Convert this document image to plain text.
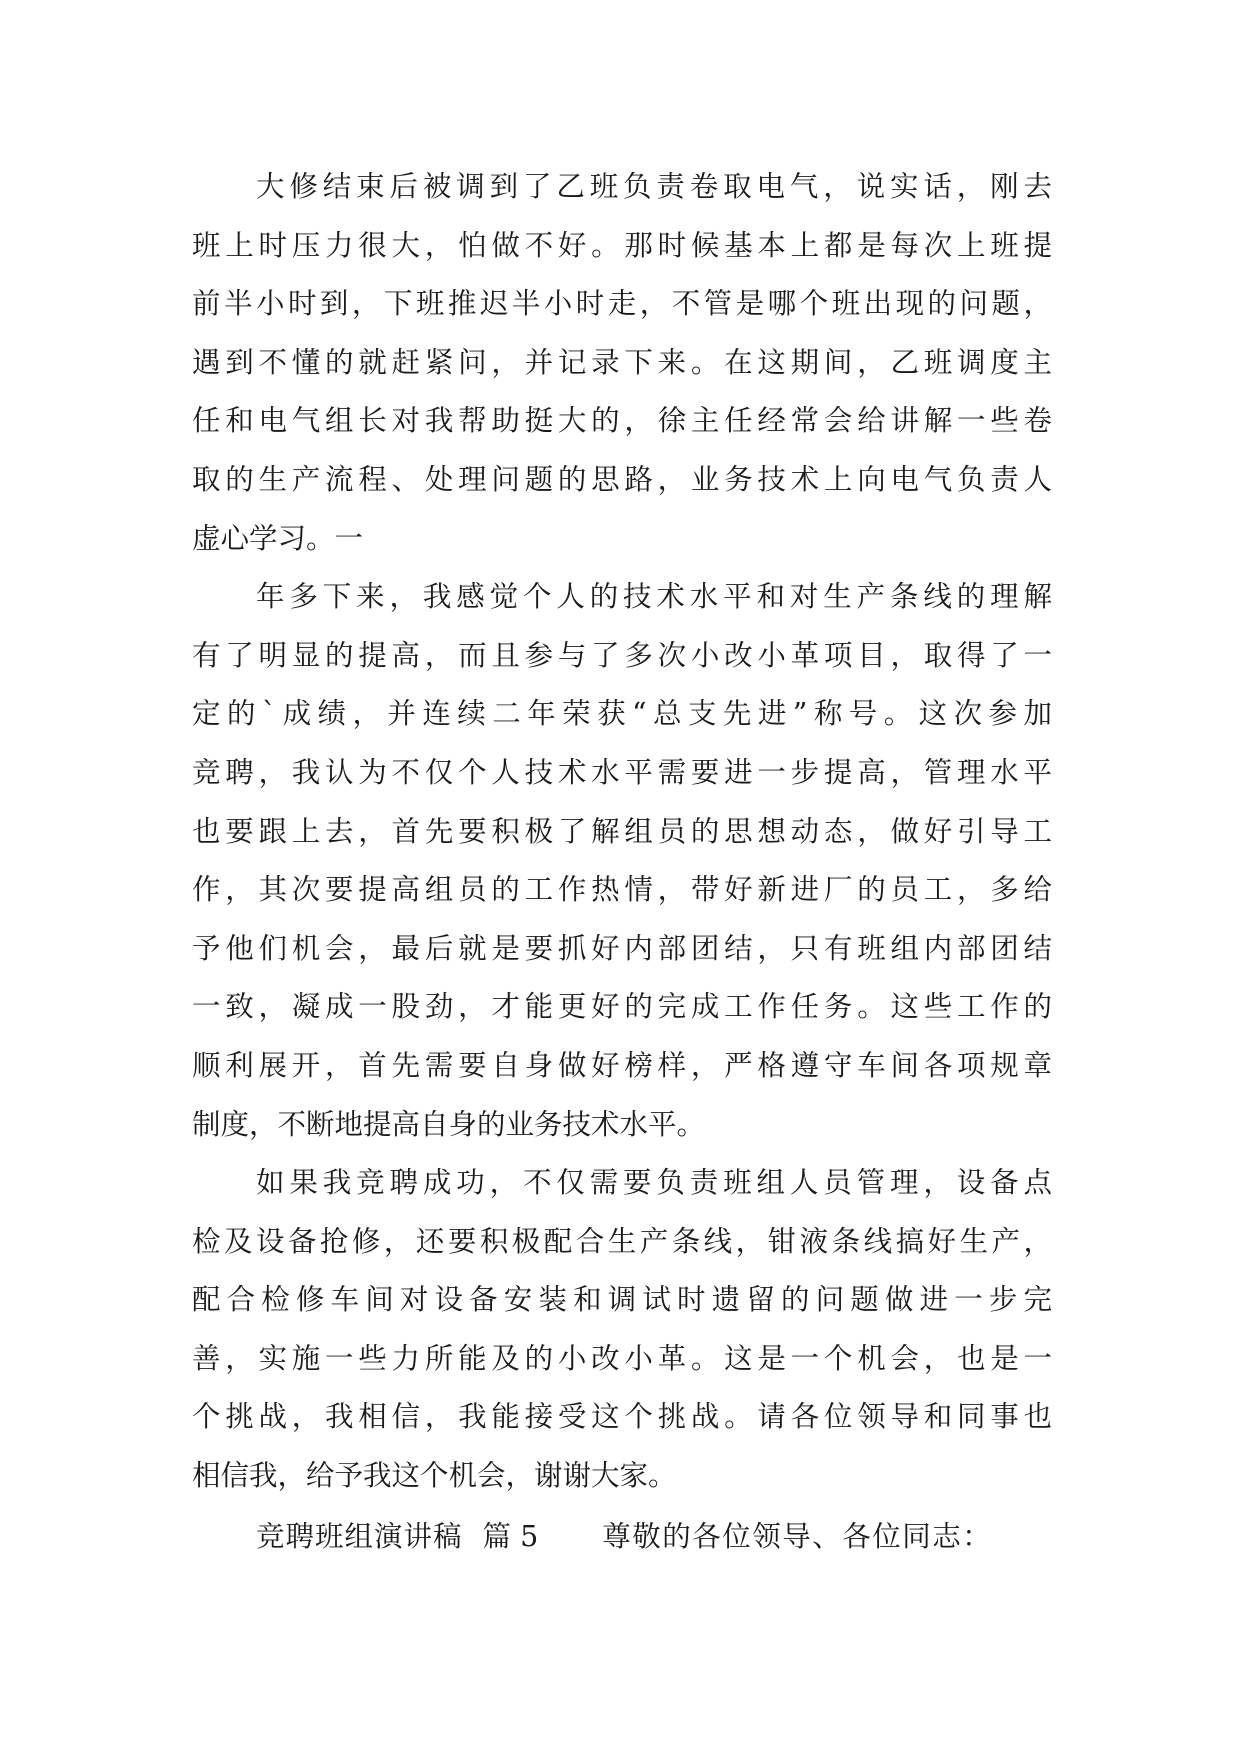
大修结束后被调到了乙班负责卷取电气，说实话，刚去
班上时压力很大，怕做不好。那时候基本上都是每次上班提
前半小时到，下班推迟半小时走，不管是哪个班出现的问题，
遇到不懂的就赶紧问，并记录下来。在这期间，乙班调度主
任和电气组长对我帮助挺大的，徐主任经常会给讲解一些卷
取的生产流程、处理问题的思路，业务技术上向电气负责人
虚心学习。一
年多下来，我感觉个人的技术水平和对生产条线的理解
有了明显的提高，而且参与了多次小改小革项目，取得了一
定的`成绩，并连续二年荣获“总支先进”称号。这次参加
竞聘，我认为不仅个人技术水平需要进一步提高，管理水平
也要跟上去，首先要积极了解组员的思想动态，做好引导工
作，其次要提高组员的工作热情，带好新进厂的员工，多给
予他们机会，最后就是要抓好内部团结，只有班组内部团结
一致，凝成一股劲，才能更好的完成工作任务。这些工作的
顺利展开，首先需要自身做好榜样，严格遵守车间各项规章
制度，不断地提高自身的业务技术水平。
如果我竞聘成功，不仅需要负责班组人员管理，设备点
检及设备抢修，还要积极配合生产条线，钳液条线搞好生产，
配合检修车间对设备安装和调试时遗留的问题做进一步完
善，实施一些力所能及的小改小革。这是一个机会，也是一
个挑战，我相信，我能接受这个挑战。请各位领导和同事也
相信我，给予我这个机会，谢谢大家。
竞聘班组演讲稿 篇 5 尊敬的各位领导、各位同志：
